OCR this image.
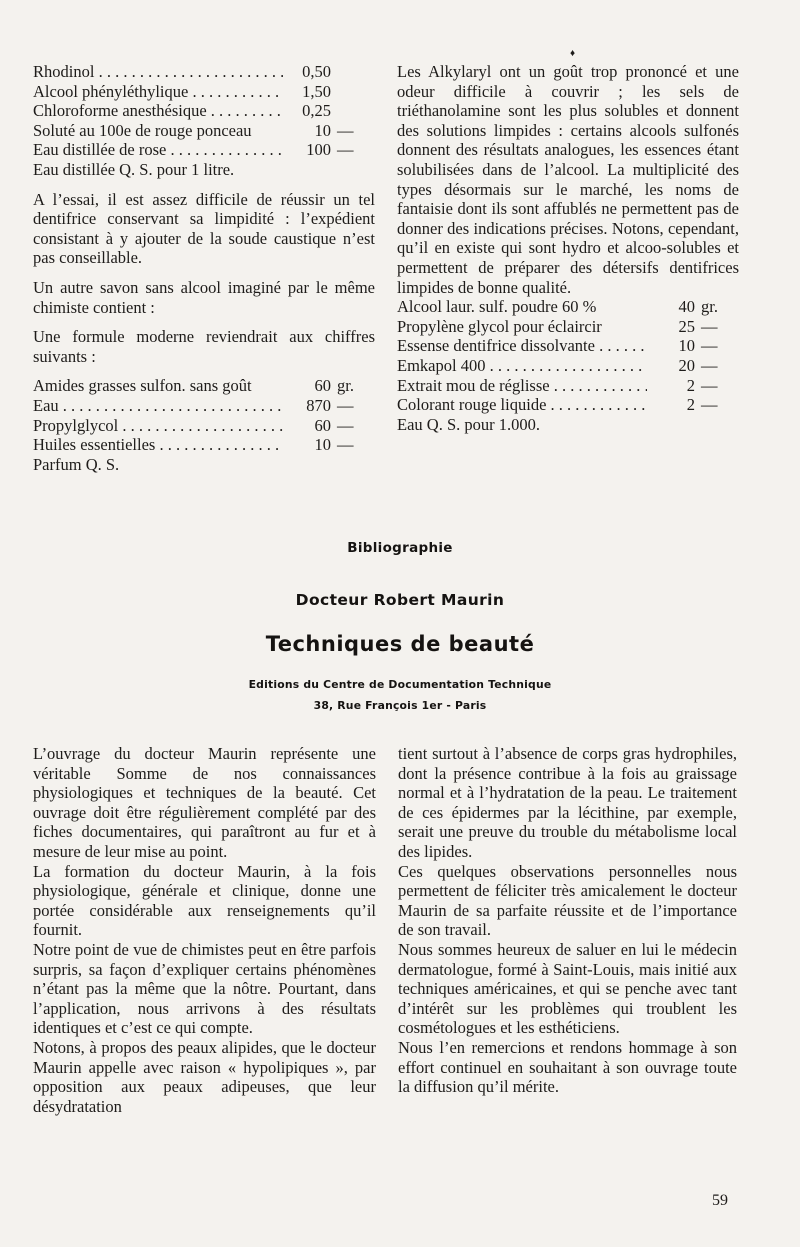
♦
Rhodinol . . .	0,50
Alcool phényléthylique . . .	1,50
Chloroforme anesthésique . . .	0,25
Soluté au 100e de rouge ponceau	10 —
Eau distillée de rose . . .	100 —

Eau distillée Q. S. pour 1 litre.

A l’essai, il est assez difficile de réussir un tel dentifrice conservant sa limpidité : l’expédient consistant à y ajouter de la soude caustique n’est pas conseillable.

Un autre savon sans alcool imaginé par le même chimiste contient :

Une formule moderne reviendrait aux chiffres suivants :

Amides grasses sulfon. sans goût	60 gr.
Eau . . .	870 —
Propylglycol . . .	60 —
Huiles essentielles . . .	10 —

Parfum Q. S.

Les Alkylaryl ont un goût trop prononcé et une odeur difficile à couvrir ; les sels de triéthanolamine sont les plus solubles et donnent des solutions limpides : certains alcools sulfonés donnent des résultats analogues, les essences étant solubilisées dans de l’alcool. La multiplicité des types désormais sur le marché, les noms de fantaisie dont ils sont affublés ne permettent pas de donner des indications précises. Notons, cependant, qu’il en existe qui sont hydro et alcoo-solubles et permettent de préparer des détersifs dentifrices limpides de bonne qualité.

Alcool laur. sulf. poudre 60 %	40 gr.
Propylène glycol pour éclaircir	25 —
Essense dentifrice dissolvante . . .	10 —
Emkapol 400 . . .	20 —
Extrait mou de réglisse . . .	2 —
Colorant rouge liquide . . .	2 —

Eau Q. S. pour 1.000.

Bibliographie
Docteur Robert Maurin
Techniques de beauté
Editions du Centre de Documentation Technique
38, Rue François 1er - Paris

L’ouvrage du docteur Maurin représente une véritable Somme de nos connaissances physiologiques et techniques de la beauté. Cet ouvrage doit être régulièrement complété par des fiches documentaires, qui paraîtront au fur et à mesure de leur mise au point.

La formation du docteur Maurin, à la fois physiologique, générale et clinique, donne une portée considérable aux renseignements qu’il fournit.

Notre point de vue de chimistes peut en être parfois surpris, sa façon d’expliquer certains phénomènes n’étant pas la même que la nôtre. Pourtant, dans l’application, nous arrivons à des résultats identiques et c’est ce qui compte.

Notons, à propos des peaux alipides, que le docteur Maurin appelle avec raison « hypolipiques », par opposition aux peaux adipeuses, que leur désydratation

tient surtout à l’absence de corps gras hydrophiles, dont la présence contribue à la fois au graissage normal et à l’hydratation de la peau. Le traitement de ces épidermes par la lécithine, par exemple, serait une preuve du trouble du métabolisme local des lipides.

Ces quelques observations personnelles nous permettent de féliciter très amicalement le docteur Maurin de sa parfaite réussite et de l’importance de son travail.

Nous sommes heureux de saluer en lui le médecin dermatologue, formé à Saint-Louis, mais initié aux techniques américaines, et qui se penche avec tant d’intérêt sur les problèmes qui troublent les cosmétologues et les esthéticiens.

Nous l’en remercions et rendons hommage à son effort continuel en souhaitant à son ouvrage toute la diffusion qu’il mérite.

59
